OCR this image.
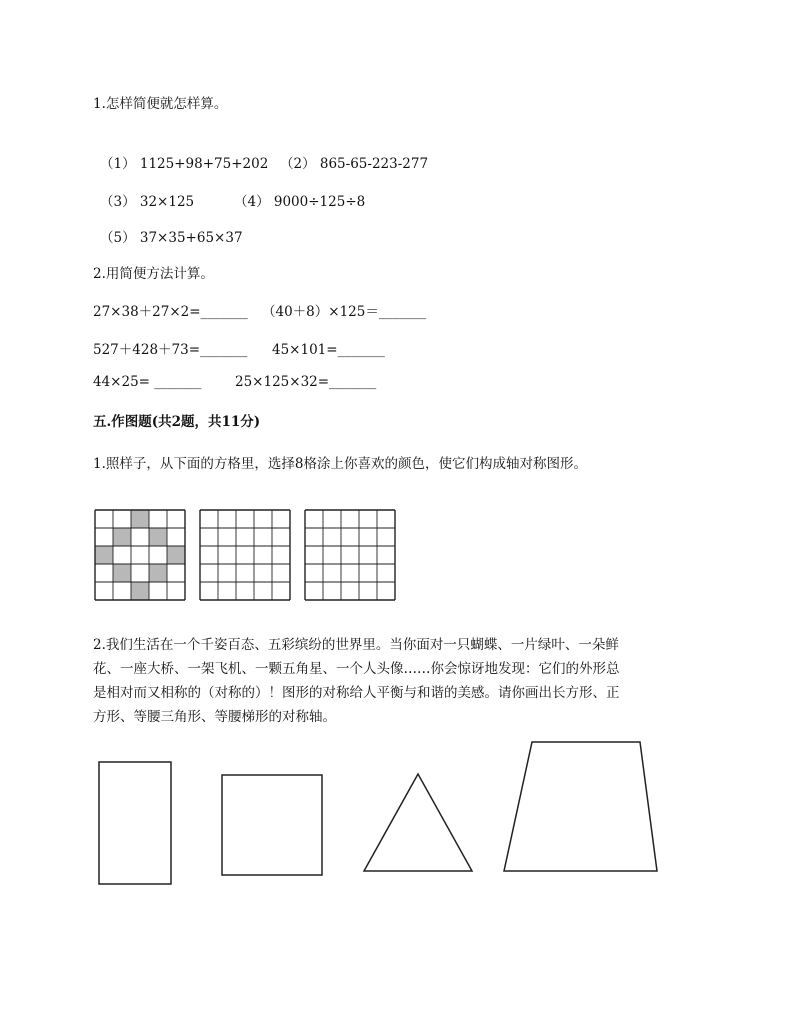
1.怎样简便就怎样算。
（1） 1125+98+75+202 （2） 865-65-223-277
（3） 32×125	（4） 9000÷125÷8
（5） 37×35+65×37
2.用简便方法计算。
27×38＋27×2=_______ （40＋8）×125＝_______
527＋428＋73=_______ 45×101=_______
44×25= _______ 25×125×32=_______
五.作图题(共2题，共11分)
1.照样子，从下面的方格里，选择8格涂上你喜欢的颜色，使它们构成轴对称图形。
2.我们生活在一个千姿百态、五彩缤纷的世界里。当你面对一只蝴蝶、一片绿叶、一朵鲜
花、一座大桥、一架飞机、一颗五角星、一个人头像……你会惊讶地发现：它们的外形总
是相对而又相称的（对称的）！图形的对称给人平衡与和谐的美感。请你画出长方形、正
方形、等腰三角形、等腰梯形的对称轴。
